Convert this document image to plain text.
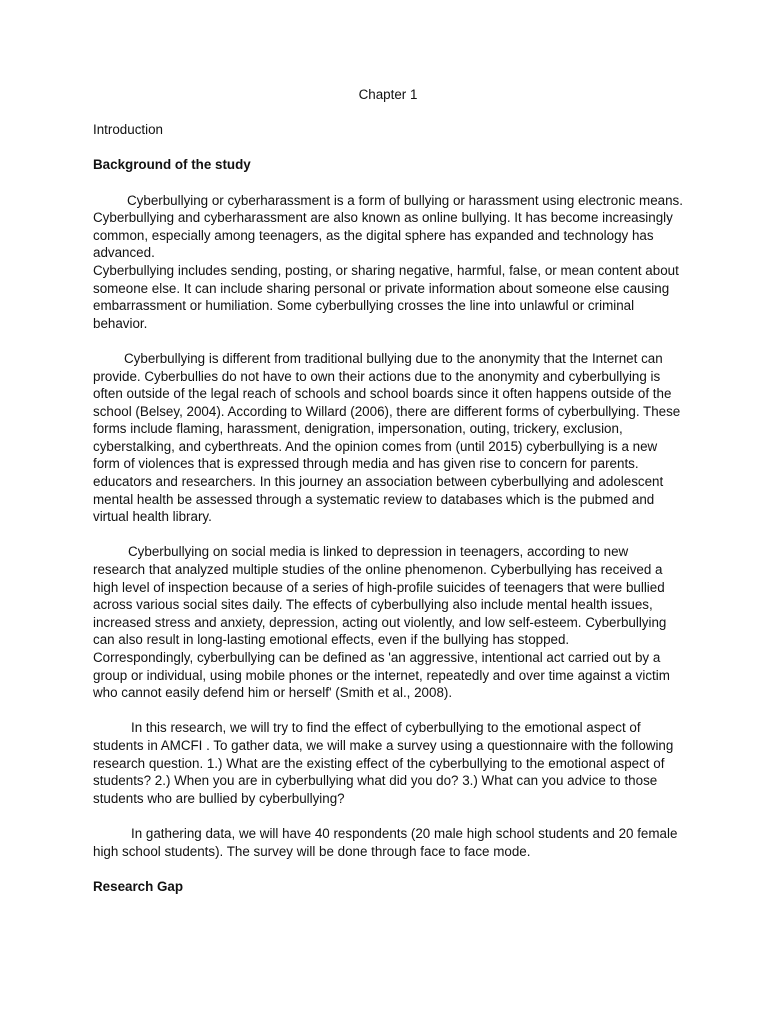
Chapter 1
Introduction
Background of the study

Cyberbullying or cyberharassment is a form of bullying or harassment using electronic means. Cyberbullying and cyberharassment are also known as online bullying. It has become increasingly common, especially among teenagers, as the digital sphere has expanded and technology has advanced.

Cyberbullying includes sending, posting, or sharing negative, harmful, false, or mean content about someone else. It can include sharing personal or private information about someone else causing embarrassment or humiliation. Some cyberbullying crosses the line into unlawful or criminal behavior.

Cyberbullying is different from traditional bullying due to the anonymity that the Internet can provide. Cyberbullies do not have to own their actions due to the anonymity and cyberbullying is often outside of the legal reach of schools and school boards since it often happens outside of the school (Belsey, 2004). According to Willard (2006), there are different forms of cyberbullying. These forms include flaming, harassment, denigration, impersonation, outing, trickery, exclusion, cyberstalking, and cyberthreats. And the opinion comes from (until 2015) cyberbullying is a new form of violences that is expressed through media and has given rise to concern for parents. educators and researchers. In this journey an association between cyberbullying and adolescent mental health be assessed through a systematic review to databases which is the pubmed and virtual health library.

Cyberbullying on social media is linked to depression in teenagers, according to new research that analyzed multiple studies of the online phenomenon. Cyberbullying has received a high level of inspection because of a series of high-profile suicides of teenagers that were bullied across various social sites daily. The effects of cyberbullying also include mental health issues, increased stress and anxiety, depression, acting out violently, and low self-esteem. Cyberbullying can also result in long-lasting emotional effects, even if the bullying has stopped.

Correspondingly, cyberbullying can be defined as 'an aggressive, intentional act carried out by a group or individual, using mobile phones or the internet, repeatedly and over time against a victim who cannot easily defend him or herself' (Smith et al., 2008).

In this research, we will try to find the effect of cyberbullying to the emotional aspect of students in AMCFI . To gather data, we will make a survey using a questionnaire with the following research question. 1.) What are the existing effect of the cyberbullying to the emotional aspect of students? 2.) When you are in cyberbullying what did you do? 3.) What can you advice to those students who are bullied by cyberbullying?

In gathering data, we will have 40 respondents (20 male high school students and 20 female high school students). The survey will be done through face to face mode.

Research Gap
